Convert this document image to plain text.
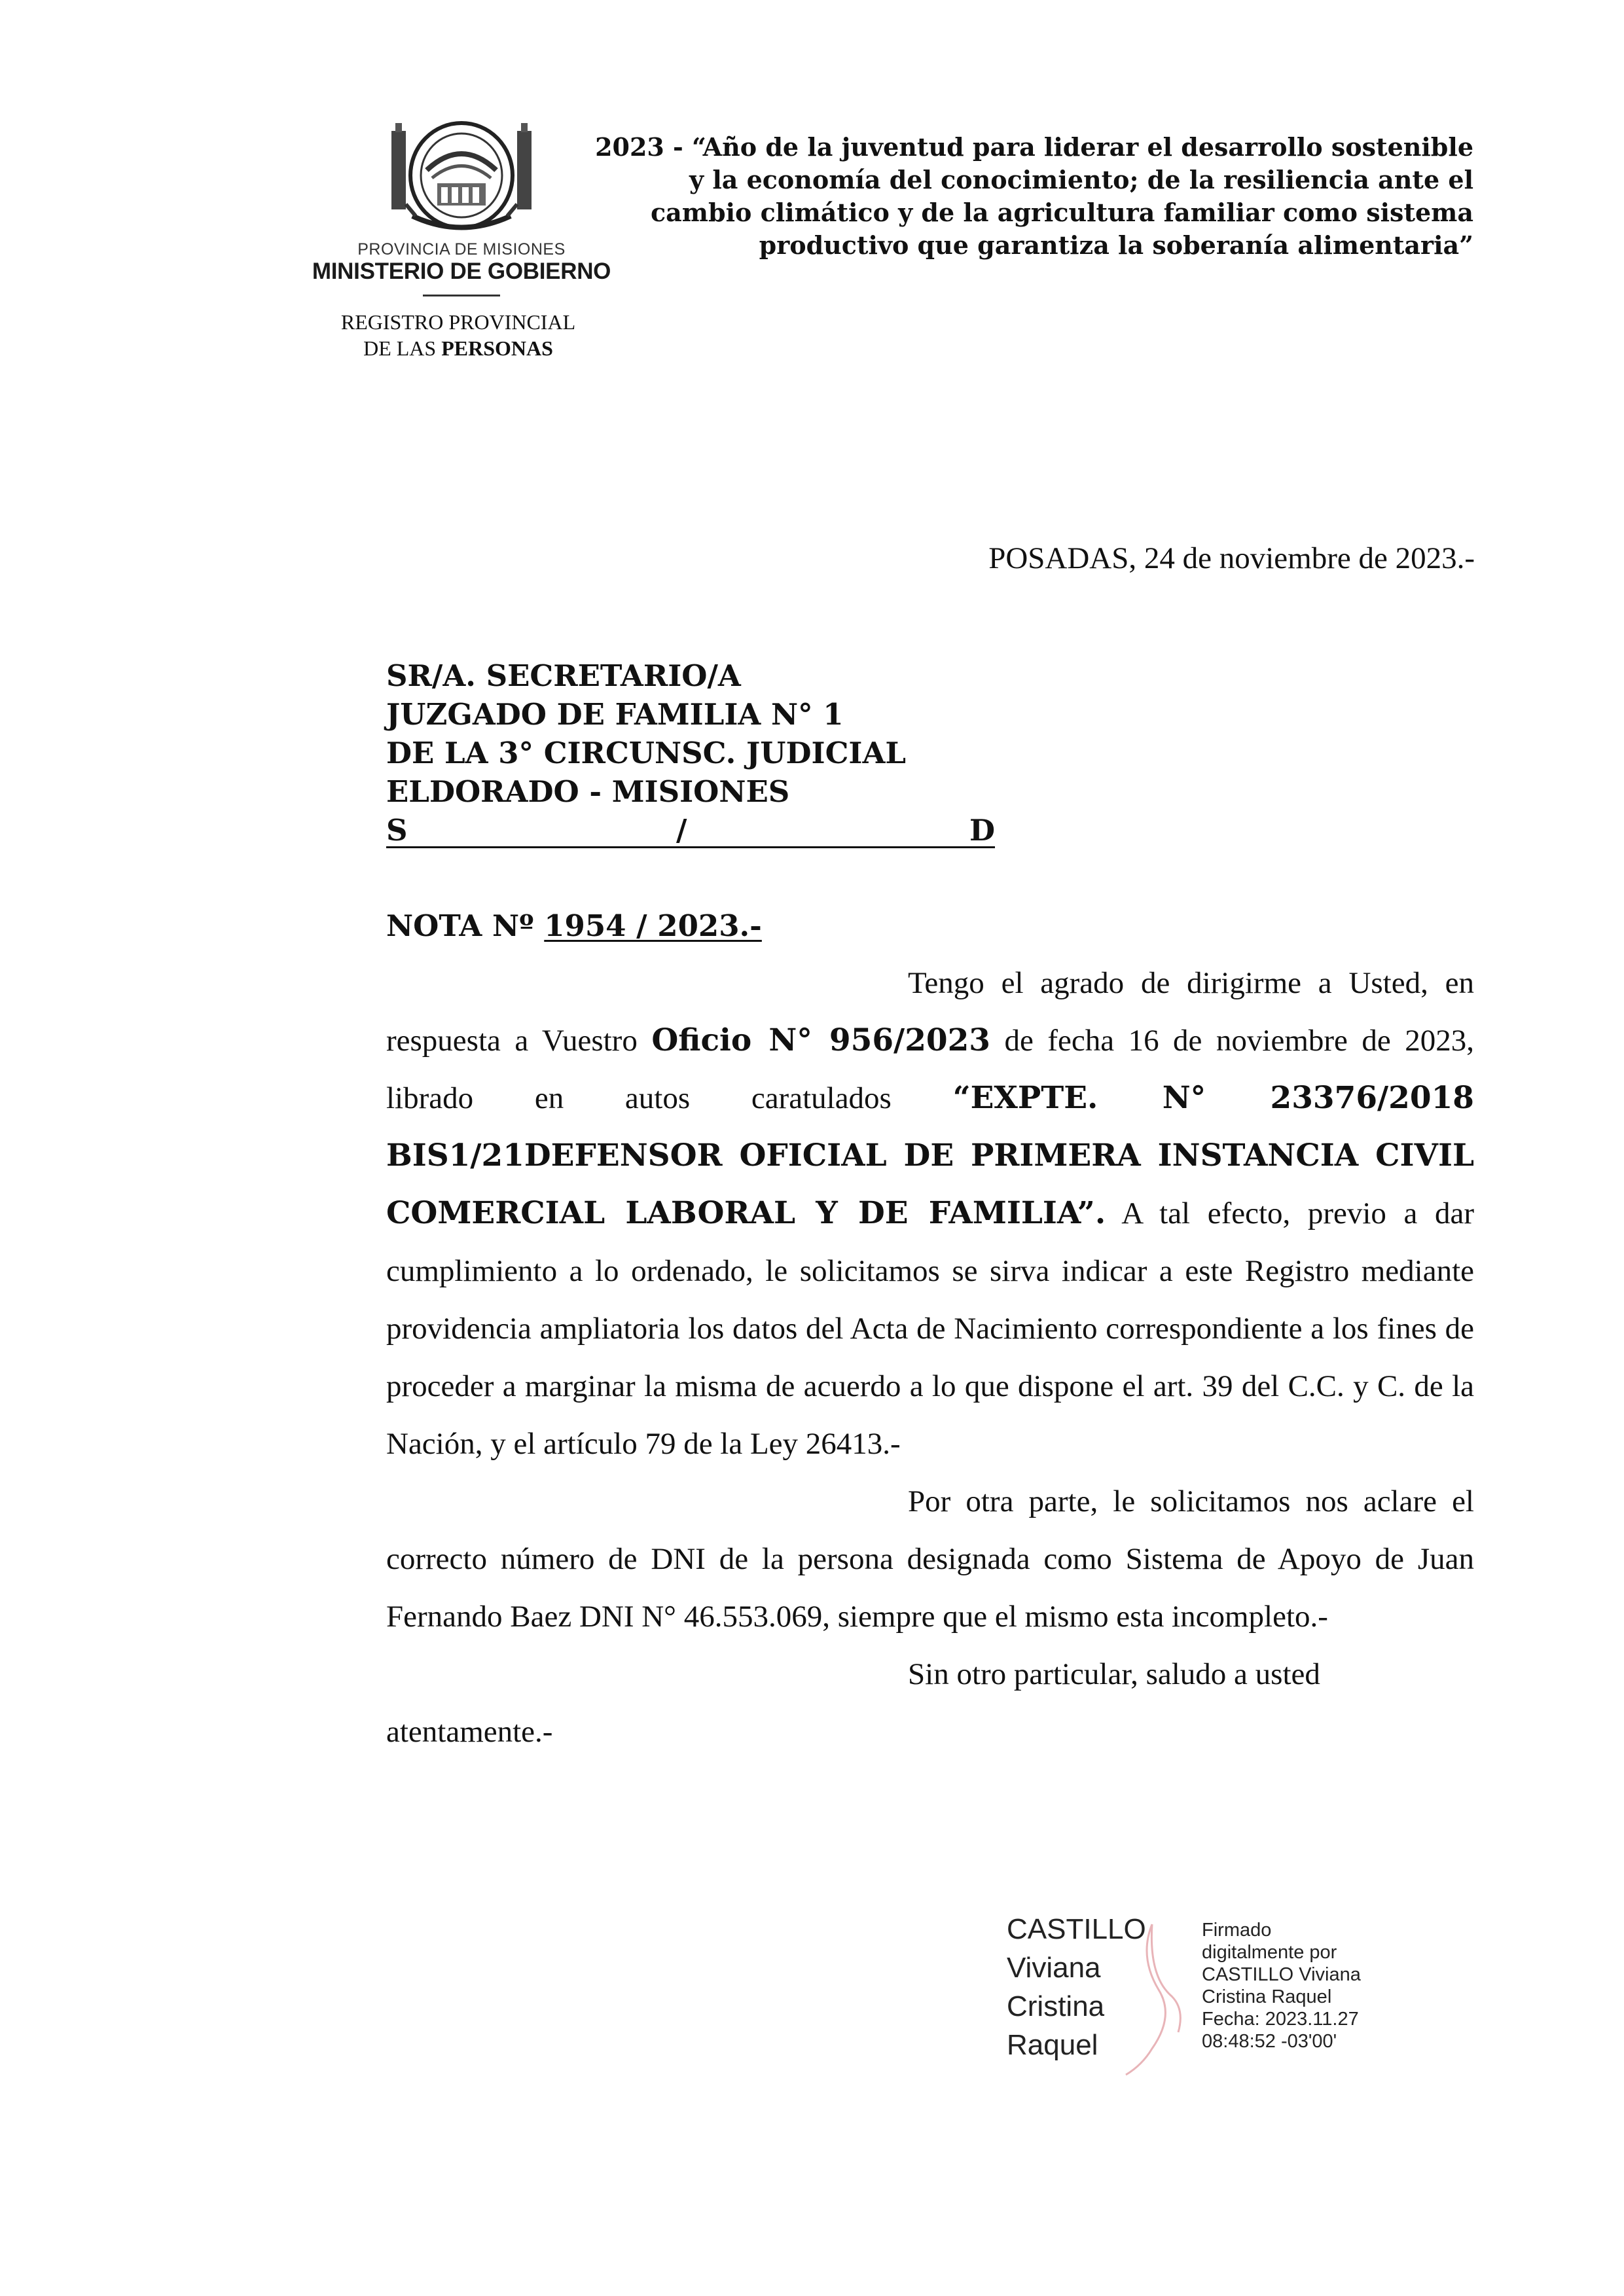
PROVINCIA DE MISIONES
MINISTERIO DE GOBIERNO
REGISTRO PROVINCIAL
DE LAS PERSONAS
2023 - “Año de la juventud para liderar el desarrollo sostenible
y la economía del conocimiento; de la resiliencia ante el
cambio climático y de la agricultura familiar como sistema
productivo que garantiza la soberanía alimentaria”
POSADAS, 24 de noviembre de 2023.-
SR/A. SECRETARIO/A
JUZGADO DE FAMILIA N° 1
DE LA 3° CIRCUNSC. JUDICIAL
ELDORADO - MISIONES
S	/	D
NOTA Nº 1954 / 2023.-

Tengo el agrado de dirigirme a Usted, en respuesta a Vuestro Oficio N° 956/2023 de fecha 16 de noviembre de 2023, librado en autos caratulados “EXPTE. N° 23376/2018 BIS1/21DEFENSOR OFICIAL DE PRIMERA INSTANCIA CIVIL COMERCIAL LABORAL Y DE FAMILIA”. A tal efecto, previo a dar cumplimiento a lo ordenado, le solicitamos se sirva indicar a este Registro mediante providencia ampliatoria los datos del Acta de Nacimiento correspondiente a los fines de proceder a marginar la misma de acuerdo a lo que dispone el art. 39 del C.C. y C. de la Nación, y el artículo 79 de la Ley 26413.-

Por otra parte, le solicitamos nos aclare el correcto número de DNI de la persona designada como Sistema de Apoyo de Juan Fernando Baez DNI N° 46.553.069, siempre que el mismo esta incompleto.-

Sin otro particular, saludo a usted

atentamente.-

CASTILLO
Viviana
Cristina
Raquel
Firmado
digitalmente por
CASTILLO Viviana
Cristina Raquel
Fecha: 2023.11.27
08:48:52 -03'00'
